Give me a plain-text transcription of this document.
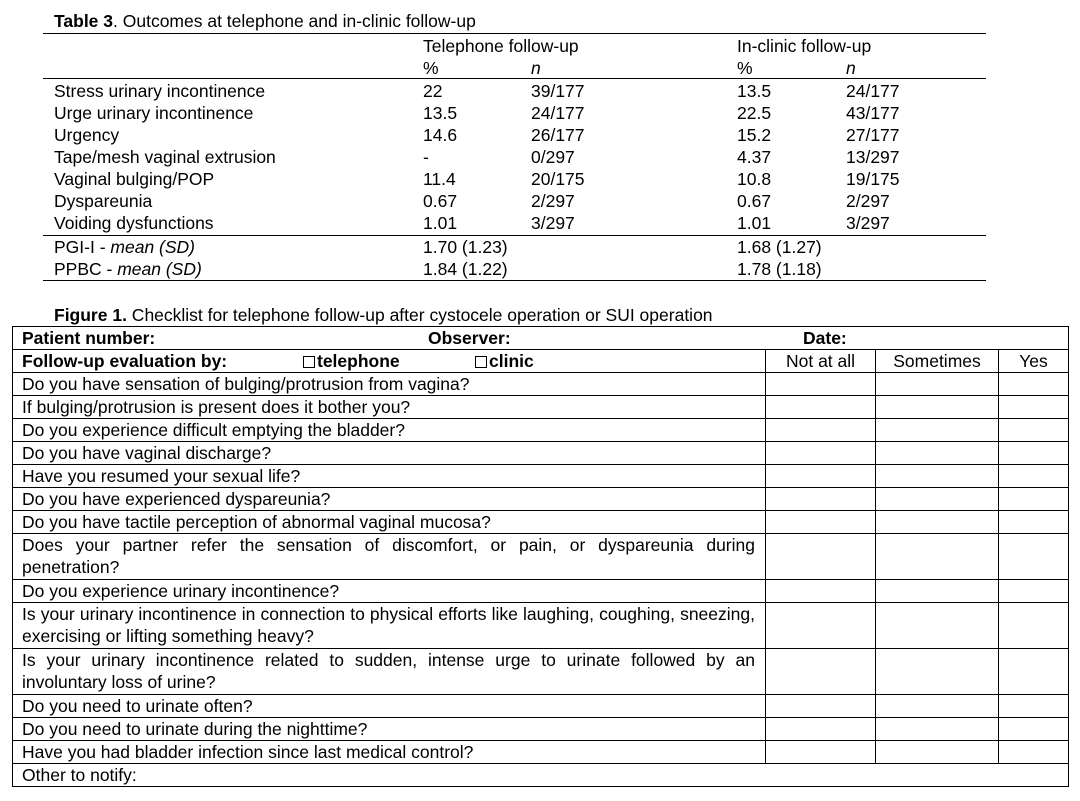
Table 3. Outcomes at telephone and in-clinic follow-up
Telephone follow-up	In-clinic follow-up
%	n	%	n
Stress urinary incontinence	22	39/177	13.5	24/177
Urge urinary incontinence	13.5	24/177	22.5	43/177
Urgency	14.6	26/177	15.2	27/177
Tape/mesh vaginal extrusion	-	0/297	4.37	13/297
Vaginal bulging/POP	11.4	20/175	10.8	19/175
Dyspareunia	0.67	2/297	0.67	2/297
Voiding dysfunctions	1.01	3/297	1.01	3/297
PGI-I - mean (SD)	1.70 (1.23)	1.68 (1.27)
PPBC - mean (SD)	1.84 (1.22)	1.78 (1.18)
Figure 1. Checklist for telephone follow-up after cystocele operation or SUI operation
Patient number: Observer: Date:			

Follow-up evaluation by: telephone clinic	Not at all	Sometimes	Yes
Do you have sensation of bulging/protrusion from vagina?			
If bulging/protrusion is present does it bother you?			
Do you experience difficult emptying the bladder?			
Do you have vaginal discharge?			
Have you resumed your sexual life?			
Do you have experienced dyspareunia?			
Do you have tactile perception of abnormal vaginal mucosa?			
Does your partner refer the sensation of discomfort, or pain, or dyspareunia during penetration?			
Do you experience urinary incontinence?			
Is your urinary incontinence in connection to physical efforts like laughing, coughing, sneezing, exercising or lifting something heavy?			
Is your urinary incontinence related to sudden, intense urge to urinate followed by an involuntary loss of urine?			
Do you need to urinate often?			
Do you need to urinate during the nighttime?			
Have you had bladder infection since last medical control?			
Other to notify:			
